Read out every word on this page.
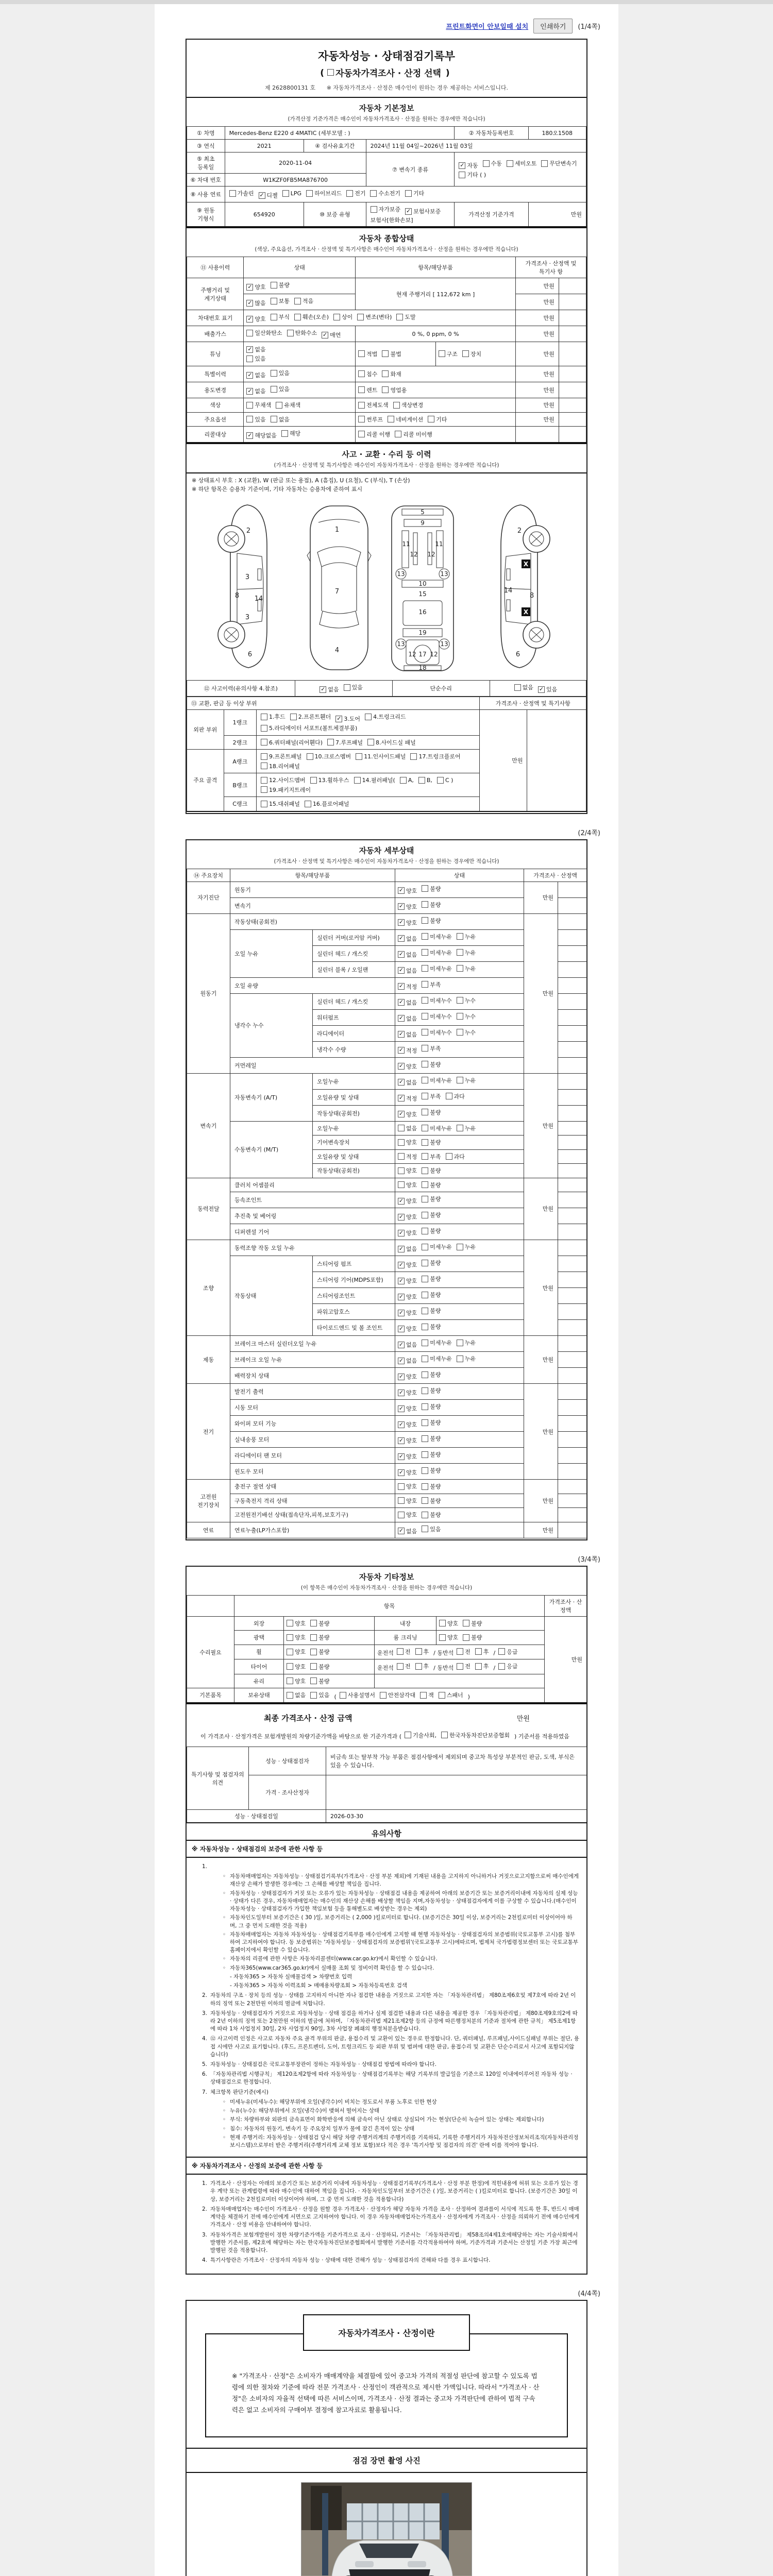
프린트화면이 안보일때 설치	인쇄하기	(1/4쪽)
자동차성능 · 상태점검기록부
( 자동차가격조사 · 산정 선택 )
제 2628800131 호 ※ 자동차가격조사 · 산정은 매수인이 원하는 경우 제공하는 서비스입니다.
자동차 기본정보
(가격산정 기준가격은 매수인이 자동차가격조사 · 산정을 원하는 경우에만 적습니다)
① 차명	Mercedes-Benz E220 d 4MATIC (세부모델 : )			② 자동차등록번호	180오1508
③ 연식	2021	④ 검사유효기간	2024년 11월 04일~2026년 11월 03일		
⑤ 최초 등록일	2020-11-04	⑦ 변속기 종류	
✓ 자동 수동 세미오토 무단변속기
기타 ( )

⑥ 차대 번호	W1KZF0FB5MA876700				
⑧ 사용 연료	가솔린 ✓ 디젤 LPG 하이브리드 전기 수소전기 기타

⑨ 원동 기형식	654920	⑩ 보증 유형	자가보증 ✓ 보험사보증
보험사[한화손보]	가격산정 기준가격	만원
자동차 종합상태
(색상, 주요옵션, 가격조사 · 산정액 및 특기사항은 매수인이 자동차가격조사 · 산정을 원하는 경우에만 적습니다)
⑪ 사용이력	상태	항목/해당부품		가격조사 · 산정액 및 특기사 항	
주행거리 및 계기상태	✓ 양호 불량	현재 주행거리 [ 112,672 km ]		만원	

	✓ 많음 보통 적음			만원	
차대번호 표기	✓ 양호 부식 훼손(오손) 상이 변조(변타) 도말	만원	
배출가스	일산화탄소 탄화수소 ✓ 매연	0 %, 0 ppm, 0 %		만원	
튜닝	✓ 없음
있음	적법 불법	구조 장치	만원	
특별이력	✓ 없음 있음	침수 화재		만원	
용도변경	✓ 없음 있음	렌트 영업용		만원	
색상	무채색 유채색	전체도색 색상변경		만원	
주요옵션	있음 없음	썬루프 네비게이션 기타		만원	
리콜대상	✓ 해당없음 해당	리콜 이행 리콜 미이행			

사고 · 교환 · 수리 등 이력
(가격조사 · 산정액 및 특기사항은 매수인이 자동차가격조사 · 산정을 원하는 경우에만 적습니다)
※ 상태표시 부호 : X (교환), W (판금 또는 용접), A (흠집), U (요철), C (부식), T (손상)
※ 하단 항목은 승용차 기준이며, 기타 자동차는 승용차에 준하여 표시
2
3
8 14
3
6
1
7
4
5
9
11	11
12 12
13	13
10
15
16
19
13	13
12 12
17
18
X
X
2
8
14
6
⑫ 사고이력(유의사항 4.참조)	✓ 없음 있음	단순수리	없음 ✓ 있음
⑬ 교환, 판금 등 이상 부위			가격조사 · 산정액 및 특기사항	
외판 부위	1랭크	
1.후드 2.프론트휀더 ✓ 3.도어 4.트렁크리드
5.라디에이터 서포트(볼트체결부품)
	만원	
	2랭크	6.쿼터패널(리어휀다) 7.루프패널 8.사이드실 패널		

주요 골격	A랭크	9.프론트패널 10.크로스멤버 11.인사이드패널 17.트렁크플로어
18.리어패널		

B랭크	
12.사이드멤버 13.휠하우스 14.필러패널( A, B, C )
19.패키지트레이

	C랭크	15.대쉬패널 16.플로어패널		
(2/4쪽)
자동차 세부상태
(가격조사 · 산정액 및 특기사항은 매수인이 자동차가격조사 · 산정을 원하는 경우에만 적습니다)
⑭ 주요장치	항목/해당부품		상태	가격조사 · 산정액	
자기진단	원동기		✓ 양호 불량	만원	
	변속기		✓ 양호 불량		

원동기	작동상태(공회전)		✓ 양호 불량	만원	
	오일 누유	실린더 커버(로커암 커버)	✓ 없음 미세누유 누유		

		실린더 헤드 / 개스킷	✓ 없음 미세누유 누유		

		실린더 블록 / 오일팬	✓ 없음 미세누유 누유		

	오일 유량		✓ 적정 부족		

	냉각수 누수	실린더 헤드 / 개스킷	✓ 없음 미세누수 누수		

		워터펌프	✓ 없음 미세누수 누수		

		라디에이터	✓ 없음 미세누수 누수		

		냉각수 수량	✓ 적정 부족		

	커먼레일		✓ 양호 불량		

변속기	자동변속기 (A/T)	오일누유	✓ 없음 미세누유 누유	만원	
		오일유량 및 상태	✓ 적정 부족 과다		

		작동상태(공회전)	✓ 양호 불량		

	수동변속기 (M/T)	오일누유	없음 미세누유 누유		

		기어변속장치	양호 불량		

		오일유량 및 상태	적정 부족 과다		

		작동상태(공회전)	양호 불량		

동력전달	클러치 어셈블리		양호 불량	만원	
	등속조인트		✓ 양호 불량		

	추진축 및 베어링		✓ 양호 불량		

	디퍼렌셜 기어		✓ 양호 불량		

조향	동력조향 작동 오일 누유		✓ 없음 미세누유 누유	만원	
	작동상태	스티어링 펌프	✓ 양호 불량		

		스티어링 기어(MDPS포함)	✓ 양호 불량		

		스티어링조인트	✓ 양호 불량		

		파워고압호스	✓ 양호 불량		

		타이로드엔드 및 볼 조인트	✓ 양호 불량		

제동	브레이크 마스터 실린더오일 누유		✓ 없음 미세누유 누유	만원	
	브레이크 오일 누유		✓ 없음 미세누유 누유		

	배력장치 상태		✓ 양호 불량		

전기	발전기 출력		✓ 양호 불량	만원	
	시동 모터		✓ 양호 불량		

	와이퍼 모터 기능		✓ 양호 불량		

	실내송풍 모터		✓ 양호 불량		

	라디에이터 팬 모터		✓ 양호 불량		

	윈도우 모터		✓ 양호 불량		

고전원 전기장치	충전구 절연 상태		양호 불량	만원	
	구동축전지 격리 상태		양호 불량		

	고전원전기배선 상태(접속단자,피복,보호기구)		양호 불량		

연료	연료누출(LP가스포함)		✓ 없음 있음	만원	
(3/4쪽)
자동차 기타정보
(이 항목은 매수인이 자동차가격조사 · 산정을 원하는 경우에만 적습니다)
	항목				가격조사 · 산 정액
수리필요	외장	양호 불량	내장	양호 불량	만원
	광택	양호 불량	룸 크리닝	양호 불량	

휠	양호 불량	운전석 전 후 / 동반석 전 후 / 응급

타이어	양호 불량	운전석 전 후 / 동반석 전 후 / 응급

	유리	양호 불량			

기본품목	보유상태	없음 있음 ( 사용설명서 안전삼각대 잭 스패너 )
최종 가격조사 · 산정 금액	만원
이 가격조사 · 산정가격은 보험개발원의 차량기준가액을 바탕으로 한 기준가격과 ( 기술사회, 한국자동차진단보증협회 ) 기준서를 적용하였음
특기사항 및 점검자의 의견	성능 · 상태점검자	비금속 또는 탈부착 가능 부품은 점검사항에서 제외되며 중고차 특성상 부분적인 판금, 도색, 부식은 있을 수 있습니다.
	가격 · 조사산정자	
성능 · 상태점검일		2026-03-30
유의사항
※ 자동차성능 · 상태점검의 보증에 관한 사항 등
1.
◦ 자동차매매업자는 자동차성능 · 상태점검기록부(가격조사 · 산정 부분 제외)에 기재된 내용을 고지하지 아니하거나 거짓으로고지함으로써 매수인에게 재산상 손해가 발생한 경우에는 그 손해를 배상할 책임을 집니다.
◦ 자동차성능 · 상태점검자가 거짓 또는 오류가 있는 자동차성능 · 상태점검 내용을 제공하여 아래의 보증기간 또는 보증거리이내에 자동차의 실제 성능 · 상태가 다른 경우, 자동차매매업자는 매수인의 재산상 손해를 배상할 책임을 지며,자동차성능 · 상태점검자에게 이를 구상할 수 있습니다.(매수인이 자동차성능 · 상태점검자가 가입한 책임보험 등을 통해별도로 배상받는 경우는 제외)
◦ 자동차인도일부터 보증기간은 ( 30 )일, 보증거리는 ( 2,000 )킬로미터로 합니다. (보증기간은 30일 이상, 보증거리는 2천킬로미터 이상이어야 하며, 그 중 먼저 도래한 것을 적용)
◦ 자동차매매업자는 자동차 자동차성능 · 상태점검기록부를 매수인에게 고지할 때 현행 자동차성능 · 상태점검자의 보증범위(국토교통부 고시)를 첨부하여 고지하여야 합니다. 동 보증범위는 '자동차성능 · 상태점검자의 보증범위'(국토교통부 고시)에따르며, 법제처 국가법령정보센터 또는 국토교통부 홈페이지에서 확인할 수 있습니다.
◦ 자동차의 리콜에 관한 사항은 자동차리콜센터(www.car.go.kr)에서 확인할 수 있습니다.
◦ 자동차365(www.car365.go.kr)에서 실매물 조회 및 정비이력 확인을 할 수 있습니다.
- 자동차365 > 자동차 실매물검색 > 차량번호 입력
- 자동차365 > 자동차 이력조회 > 매매용차량조회 > 자동차등록번호 검색
2. 자동차의 구조 · 장치 등의 성능 · 상태를 고지하지 아니한 자나 점검한 내용을 거짓으로 고지한 자는 「자동차관리법」 제80조제6호및 제7호에 따라 2년 이하의 징역 또는 2천만원 이하의 벌금에 처합니다.
3. 자동차성능 · 상태점검자가 거짓으로 자동차성능 · 상태 점검을 하거나 실제 점검한 내용과 다른 내용을 제공한 경우 「자동차관리법」 제80조제9호의2에 따라 2년 이하의 징역 또는 2천만원 이하의 벌금에 처하며, 「자동차관리법 제21조제2항 등의 규정에 따른행정처분의 기준과 절차에 관한 규칙」 제5조제1항에 따라 1차 사업정지 30일, 2차 사업정지 90일, 3차 사업장 폐쇄의 행정처분을받습니다.
4. ⑫ 사고이력 인정은 사고로 자동차 주요 골격 부위의 판금, 용접수리 및 교환이 있는 경우로 한정합니다. 단, 쿼터패널, 루프패널,사이드실패널 부위는 절단, 용접 시에만 사고로 표기합니다. (후드, 프론트펜더, 도어, 트렁크리드 등 외판 부위 및 범퍼에 대한 판금, 용접수리 및 교환은 단순수리로서 사고에 포함되지않습니다)
5. 자동차성능 · 상태점검은 국토교통부장관이 정하는 자동차성능 · 상태점검 방법에 따라야 합니다.
6. 「자동차관리법 시행규칙」 제120조제2항에 따라 자동차성능 · 상태점검기록부는 해당 기록부의 발급일을 기준으로 120일 이내에이루어진 자동차 성능 · 상태점검으로 한정합니다.
7. 체크항목 판단기준(예시)
◦ 미세누유(미세누수): 해당부위에 오일(냉각수)이 비치는 정도로서 부품 노후로 인한 현상
◦ 누유(누수): 해당부위에서 오일(냉각수)이 맺혀서 떨어지는 상태
◦ 부식: 차량하부와 외판의 금속표면이 화학반응에 의해 금속이 아닌 상태로 상실되어 가는 현상(단순히 녹슬어 있는 상태는 제외합니다)
◦ 침수: 자동차의 원동기, 변속기 등 주요장치 일부가 물에 잠긴 흔적이 있는 상태
◦ 현재 주행거리: 자동차성능 · 상태점검 당시 해당 차량 주행거리계의 주행거리를 기록하되, 기록한 주행거리가 자동차전산정보처리조직(자동차관리정보시스템)으로부터 받은 주행거리(주행거리계 교체 정보 포함)보다 적은 경우 '특기사항 및 점검자의 의견' 란에 이를 적어야 합니다.
※ 자동차가격조사 · 산정의 보증에 관한 사항 등
1. 가격조사 · 산정자는 아래의 보증기간 또는 보증거리 이내에 자동차성능 · 상태점검기록부(가격조사 · 산정 부분 한정)에 적힌내용에 허위 또는 오류가 있는 경우 계약 또는 관계법령에 따라 매수인에 대하여 책임을 집니다. · 자동차인도일부터 보증기간은 ( )일, 보증거리는 ( )킬로미터로 합니다. (보증기간은 30일 이상, 보증거리는 2천킬로미터 이상이어야 하며, 그 중 먼저 도래한 것을 적용합니다)
2. 자동차매매업자는 매수인이 가격조사 · 산정을 원할 경우 가격조사 · 산정자가 해당 자동차 가격을 조사 · 산정하여 결과를이 서식에 적도록 한 후, 반드시 매매계약을 체결하기 전에 매수인에게 서면으로 고지하여야 합니다. 이 경우 자동차매매업자는가격조사 · 산정자에게 가격조사 · 산정을 의뢰하기 전에 매수인에게 가격조사 · 산정 비용을 안내하여야 합니다.
3. 자동차가격은 보험개발원이 정한 차량기준가액을 기준가격으로 조사 · 산정하되, 기준서는 「자동차관리법」 제58조의4제1호에해당하는 자는 기술사회에서 발행한 기준서를, 제2호에 해당하는 자는 한국자동차진단보증협회에서 발행한 기준서를 각각적용하여야 하며, 기준가격과 기준서는 산정일 기준 가장 최근에 발행된 것을 적용합니다.
4. 특기사항란은 가격조사 · 산정자의 자동차 성능 · 상태에 대한 견해가 성능 · 상태점검자의 견해와 다를 경우 표시합니다.
(4/4쪽)
자동차가격조사 · 산정이란
※ "가격조사 · 산정"은 소비자가 매매계약을 체결함에 있어 중고차 가격의 적절성 판단에 참고할 수 있도록 법령에 의한 절차와 기준에 따라 전문 가격조사 · 산정인이 객관적으로 제시한 가액입니다. 따라서 "가격조사 · 산정"은 소비자의 자율적 선택에 따른 서비스이며, 가격조사 · 산정 결과는 중고차 가격판단에 관하여 법적 구속력은 없고 소비자의 구매여부 결정에 참고자료로 활용됩니다.
점검 장면 촬영 사진
